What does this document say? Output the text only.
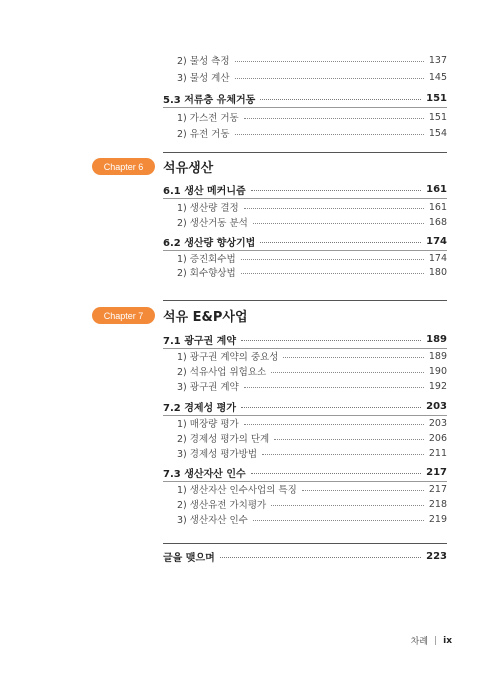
2) 물성 측정	137
3) 물성 계산	145
5.3 저류층 유체거동	151
1) 가스전 거동	151
2) 유전 거동	154
Chapter 6	석유생산
6.1 생산 메커니즘	161
1) 생산량 결정	161
2) 생산거동 분석	168
6.2 생산량 향상기법	174
1) 증진회수법	174
2) 회수향상법	180
Chapter 7	석유 E&P사업
7.1 광구권 계약	189
1) 광구권 계약의 중요성	189
2) 석유사업 위험요소	190
3) 광구권 계약	192
7.2 경제성 평가	203
1) 매장량 평가	203
2) 경제성 평가의 단계	206
3) 경제성 평가방법	211
7.3 생산자산 인수	217
1) 생산자산 인수사업의 특징	217
2) 생산유전 가치평가	218
3) 생산자산 인수	219
글을 맺으며	223
차례 | ix
